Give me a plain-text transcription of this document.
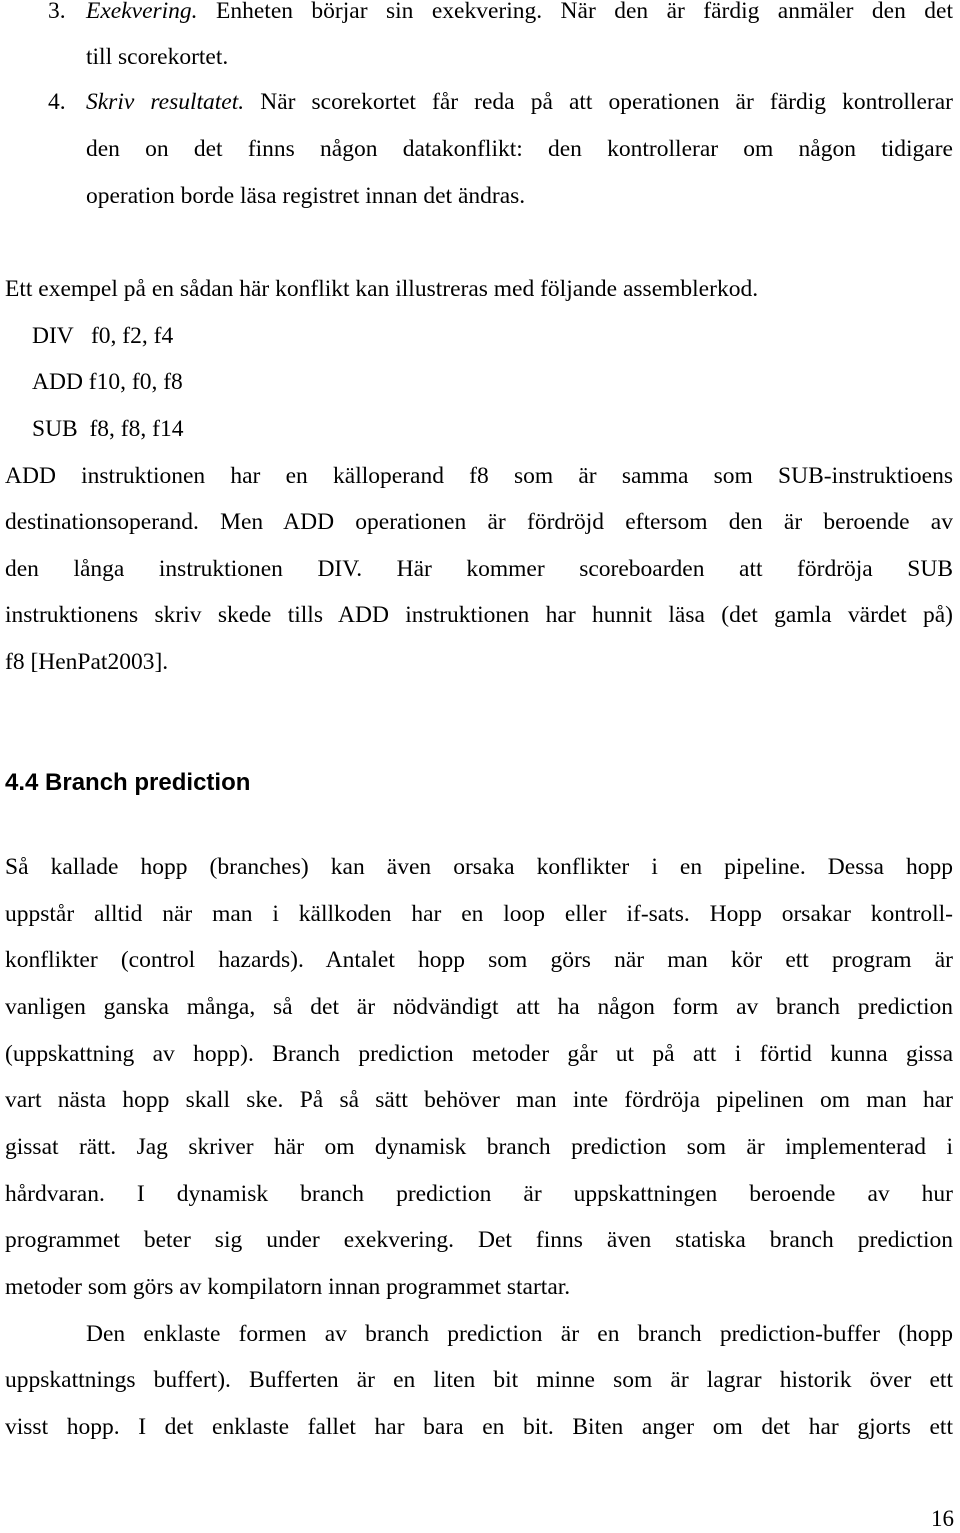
3. Exekvering. Enheten börjar sin exekvering. När den är färdig anmäler den det
till scorekortet.
4. Skriv resultatet. När scorekortet får reda på att operationen är färdig kontrollerar
den on det finns någon datakonflikt: den kontrollerar om någon tidigare
operation borde läsa registret innan det ändras.
Ett exempel på en sådan här konflikt kan illustreras med följande assemblerkod.
DIV   f0, f2, f4
ADD f10, f0, f8
SUB  f8, f8, f14
ADD instruktionen har en källoperand f8 som är samma som SUB-instruktioens
destinationsoperand. Men ADD operationen är fördröjd eftersom den är beroende av
den långa instruktionen DIV. Här kommer scoreboarden att fördröja SUB
instruktionens skriv skede tills ADD instruktionen har hunnit läsa (det gamla värdet på)
f8 [HenPat2003].
4.4 Branch prediction
Så kallade hopp (branches) kan även orsaka konflikter i en pipeline. Dessa hopp
uppstår alltid när man i källkoden har en loop eller if-sats. Hopp orsakar kontroll-
konflikter (control hazards). Antalet hopp som görs när man kör ett program är
vanligen ganska många, så det är nödvändigt att ha någon form av branch prediction
(uppskattning av hopp). Branch prediction metoder går ut på att i förtid kunna gissa
vart nästa hopp skall ske. På så sätt behöver man inte fördröja pipelinen om man har
gissat rätt. Jag skriver här om dynamisk branch prediction som är implementerad i
hårdvaran. I dynamisk branch prediction är uppskattningen beroende av hur
programmet beter sig under exekvering. Det finns även statiska branch prediction
metoder som görs av kompilatorn innan programmet startar.
Den enklaste formen av branch prediction är en branch prediction-buffer (hopp
uppskattnings buffert). Bufferten är en liten bit minne som är lagrar historik över ett
visst hopp. I det enklaste fallet har bara en bit. Biten anger om det har gjorts ett
16
